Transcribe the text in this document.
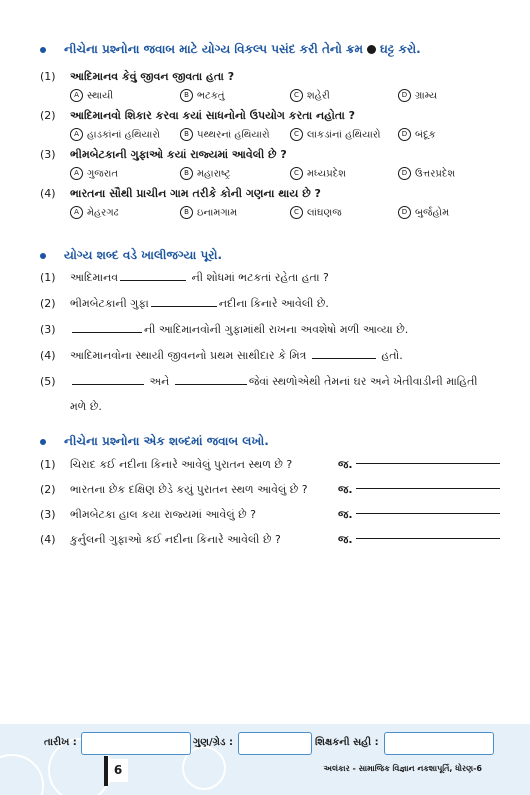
નીચેના પ્રશ્નોના જવાબ માટે યોગ્ય વિકલ્પ પસંદ કરી તેનો ક્રમ ઘટ્ટ કરો.
(1) આદિમાનવ કેવું જીવન જીવતા હતા ?
A સ્થાયી	B ભટકતું	C શહેરી	D ગ્રામ્ય
(2) આદિમાનવો શિકાર કરવા કયાં સાધનોનો ઉપયોગ કરતા નહોતા ?
A હાડકાંનાં હથિયારો	B પથ્થરનાં હથિયારો	C લાકડાંનાં હથિયારો	D બંદૂક
(3) ભીમબેટકાની ગુફાઓ કયાં રાજ્યમાં આવેલી છે ?
A ગુજરાત	B મહારાષ્ટ્ર	C મધ્યપ્રદેશ	D ઉત્તરપ્રદેશ
(4) ભારતના સૌથી પ્રાચીન ગામ તરીકે કોની ગણના થાય છે ?
A મેહરગઢ	B ઇનામગામ	C લાંઘણજ	D બુર્જહોમ
યોગ્ય શબ્દ વડે ખાલીજગ્યા પૂરો.
(1) આદિમાનવ	ની શોધમાં ભટકતાં રહેતા હતા ?
(2) ભીમબેટકાની ગુફા	નદીના કિનારે આવેલી છે.
(3)	ની આદિમાનવોની ગુફામાંથી રાખના અવશેષો મળી આવ્યા છે.
(4) આદિમાનવોના સ્થાયી જીવનનો પ્રથમ સાથીદાર કે મિત્ર	હતો.
(5)	અને	જેવાં સ્થળોએથી તેમનાં ઘર અને ખેતીવાડીની માહિતી
મળે છે.
નીચેના પ્રશ્નોના એક શબ્દમાં જવાબ લખો.
(1) ચિરાદ કઈ નદીના કિનારે આવેલું પુરાતન સ્થળ છે ?	જ.
(2) ભારતના છેક દક્ષિણ છેડે કયું પુરાતન સ્થળ આવેલું છે ?	જ.
(3) ભીમબેટકા હાલ કયા રાજ્યમાં આવેલું છે ?	જ.
(4) કુર્નુલની ગુફાઓ કઈ નદીના કિનારે આવેલી છે ?	જ.
તારીખ :	ગુણ/ગ્રેડ :	શિક્ષકની સહી :
6	અલંકાર - સામાજિક વિજ્ઞાન નકશાપૂર્તિ, ધોરણ-6
